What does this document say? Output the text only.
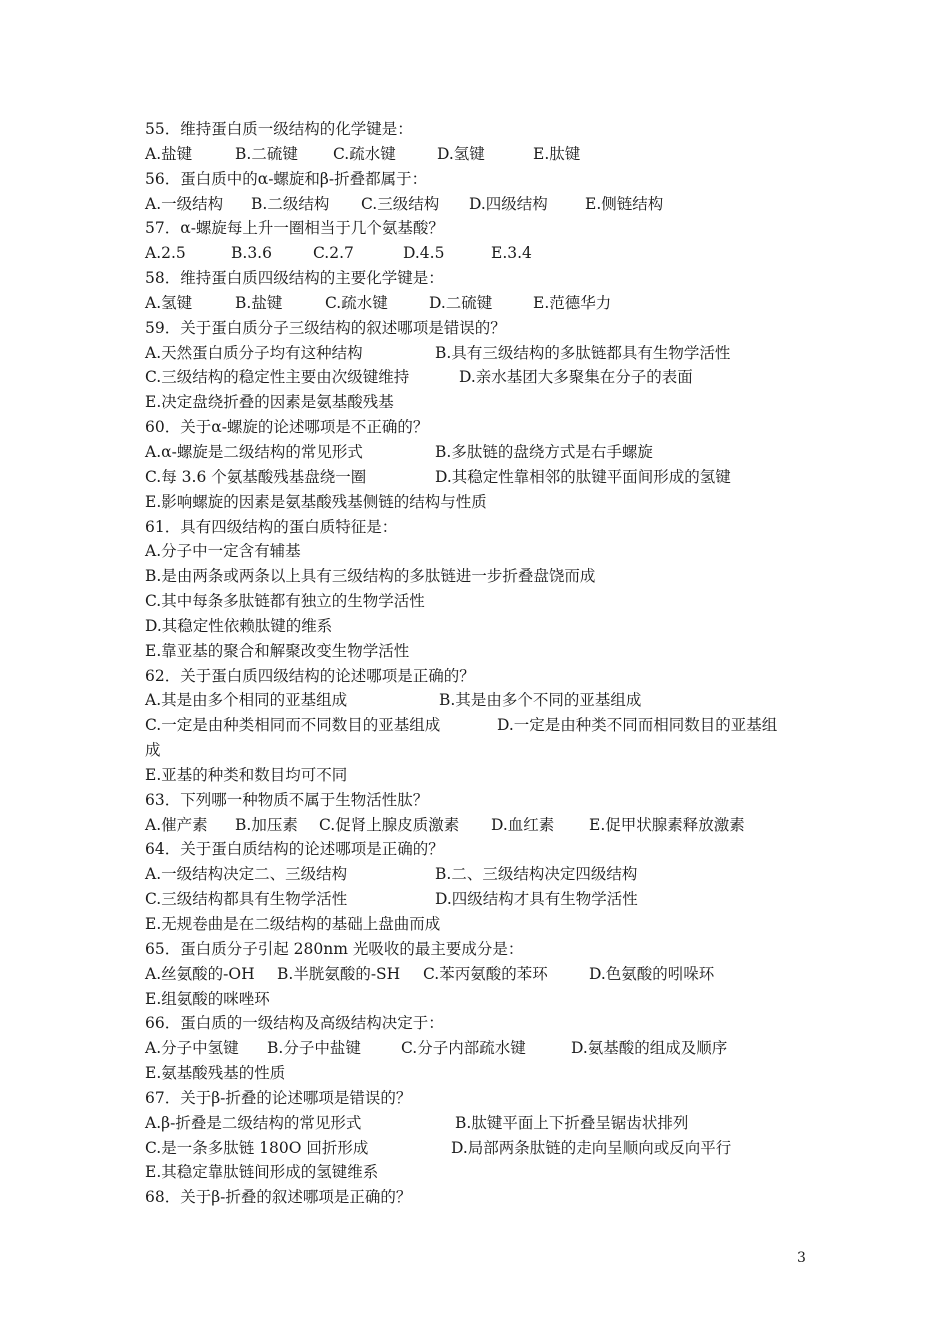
55．维持蛋白质一级结构的化学键是：
A.盐键	B.二硫键 C.疏水键	D.氢键	E.肽键
56．蛋白质中的α-螺旋和β-折叠都属于：
A.一级结构 B.二级结构 C.三级结构 D.四级结构 E.侧链结构
57．α-螺旋每上升一圈相当于几个氨基酸？
A.2.5	B.3.6	C.2.7	D.4.5	E.3.4
58．维持蛋白质四级结构的主要化学键是：
A.氢键	B.盐键	C.疏水键	D.二硫键	E.范德华力
59．关于蛋白质分子三级结构的叙述哪项是错误的？
A.天然蛋白质分子均有这种结构	B.具有三级结构的多肽链都具有生物学活性
C.三级结构的稳定性主要由次级键维持	D.亲水基团大多聚集在分子的表面
E.决定盘绕折叠的因素是氨基酸残基
60．关于α-螺旋的论述哪项是不正确的？
A.α-螺旋是二级结构的常见形式	B.多肽链的盘绕方式是右手螺旋
C.每 3.6 个氨基酸残基盘绕一圈	D.其稳定性靠相邻的肽键平面间形成的氢键
E.影响螺旋的因素是氨基酸残基侧链的结构与性质
61．具有四级结构的蛋白质特征是：
A.分子中一定含有辅基
B.是由两条或两条以上具有三级结构的多肽链进一步折叠盘饶而成
C.其中每条多肽链都有独立的生物学活性
D.其稳定性依赖肽键的维系
E.靠亚基的聚合和解聚改变生物学活性
62．关于蛋白质四级结构的论述哪项是正确的？
A.其是由多个相同的亚基组成	B.其是由多个不同的亚基组成
C.一定是由种类相同而不同数目的亚基组成	D.一定是由种类不同而相同数目的亚基组
成
E.亚基的种类和数目均可不同
63．下列哪一种物质不属于生物活性肽？
A.催产素 B.加压素 C.促肾上腺皮质激素 D.血红素 E.促甲状腺素释放激素
64．关于蛋白质结构的论述哪项是正确的？
A.一级结构决定二、三级结构	B.二、三级结构决定四级结构
C.三级结构都具有生物学活性	D.四级结构才具有生物学活性
E.无规卷曲是在二级结构的基础上盘曲而成
65．蛋白质分子引起 280nm 光吸收的最主要成分是：
A.丝氨酸的-OH B.半胱氨酸的-SH C.苯丙氨酸的苯环	D.色氨酸的吲哚环
E.组氨酸的咪唑环
66．蛋白质的一级结构及高级结构决定于：
A.分子中氢键 B.分子中盐键	C.分子内部疏水键	D.氨基酸的组成及顺序
E.氨基酸残基的性质
67．关于β-折叠的论述哪项是错误的？
A.β-折叠是二级结构的常见形式	B.肽键平面上下折叠呈锯齿状排列
C.是一条多肽链 180O 回折形成	D.局部两条肽链的走向呈顺向或反向平行
E.其稳定靠肽链间形成的氢键维系
68．关于β-折叠的叙述哪项是正确的？
3
